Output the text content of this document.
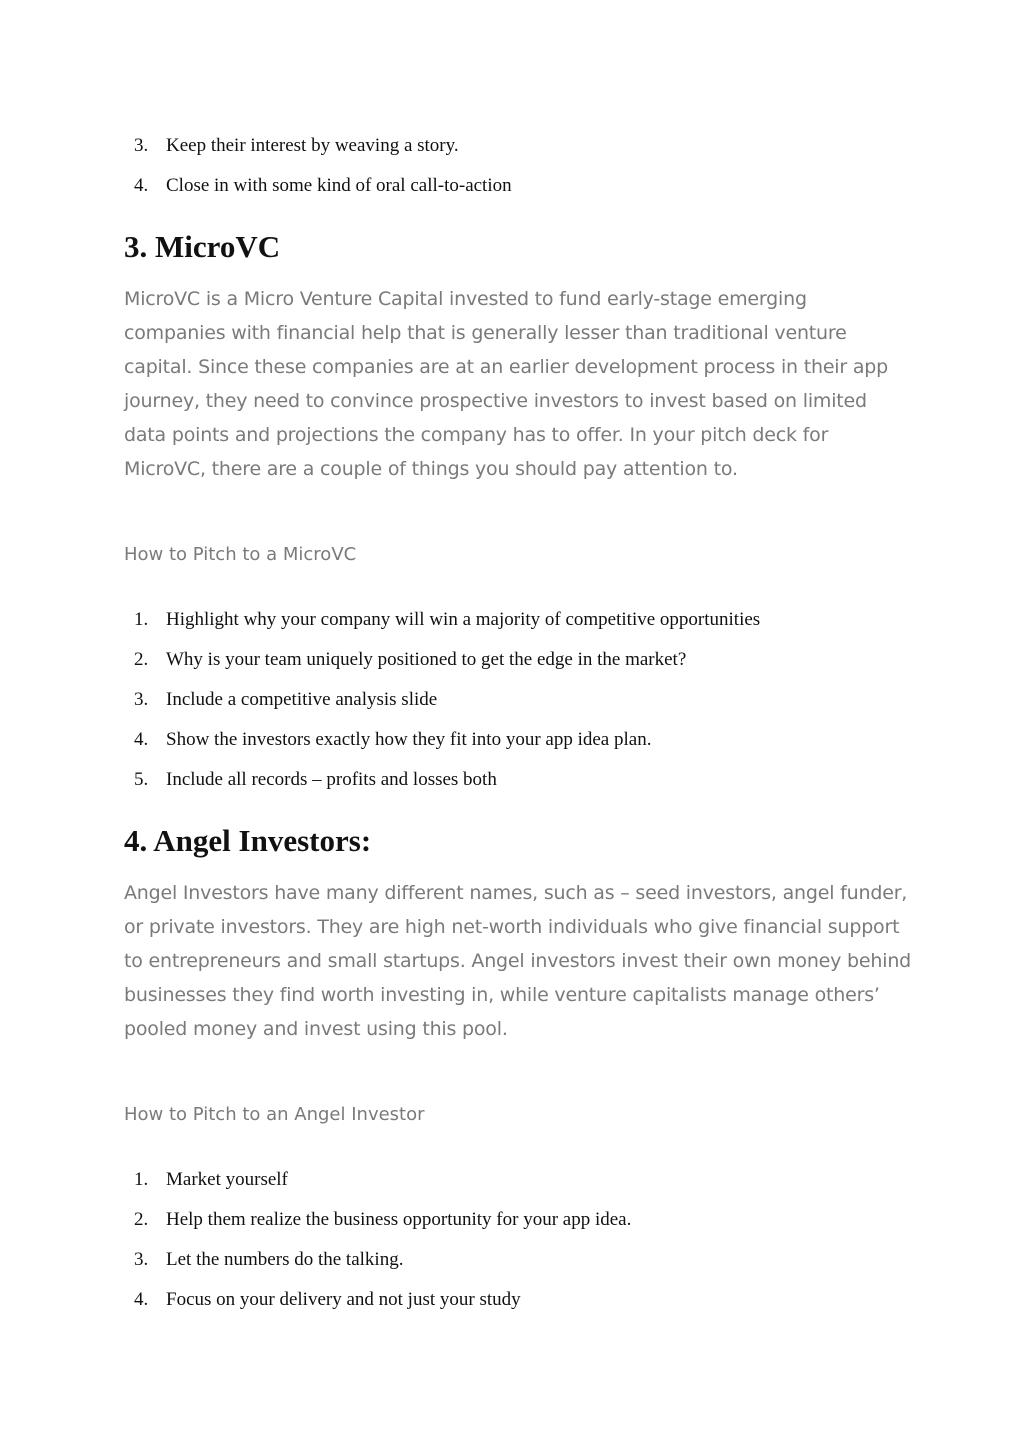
3. Keep their interest by weaving a story.
4. Close in with some kind of oral call-to-action
3. MicroVC

MicroVC is a Micro Venture Capital invested to fund early-stage emerging companies with financial help that is generally lesser than traditional venture capital. Since these companies are at an earlier development process in their app journey, they need to convince prospective investors to invest based on limited data points and projections the company has to offer. In your pitch deck for MicroVC, there are a couple of things you should pay attention to.

How to Pitch to a MicroVC

1. Highlight why your company will win a majority of competitive opportunities
2. Why is your team uniquely positioned to get the edge in the market?
3. Include a competitive analysis slide
4. Show the investors exactly how they fit into your app idea plan.
5. Include all records – profits and losses both
4. Angel Investors:

Angel Investors have many different names, such as – seed investors, angel funder, or private investors. They are high net-worth individuals who give financial support to entrepreneurs and small startups. Angel investors invest their own money behind businesses they find worth investing in, while venture capitalists manage others’ pooled money and invest using this pool.

How to Pitch to an Angel Investor

1. Market yourself
2. Help them realize the business opportunity for your app idea.
3. Let the numbers do the talking.
4. Focus on your delivery and not just your study
